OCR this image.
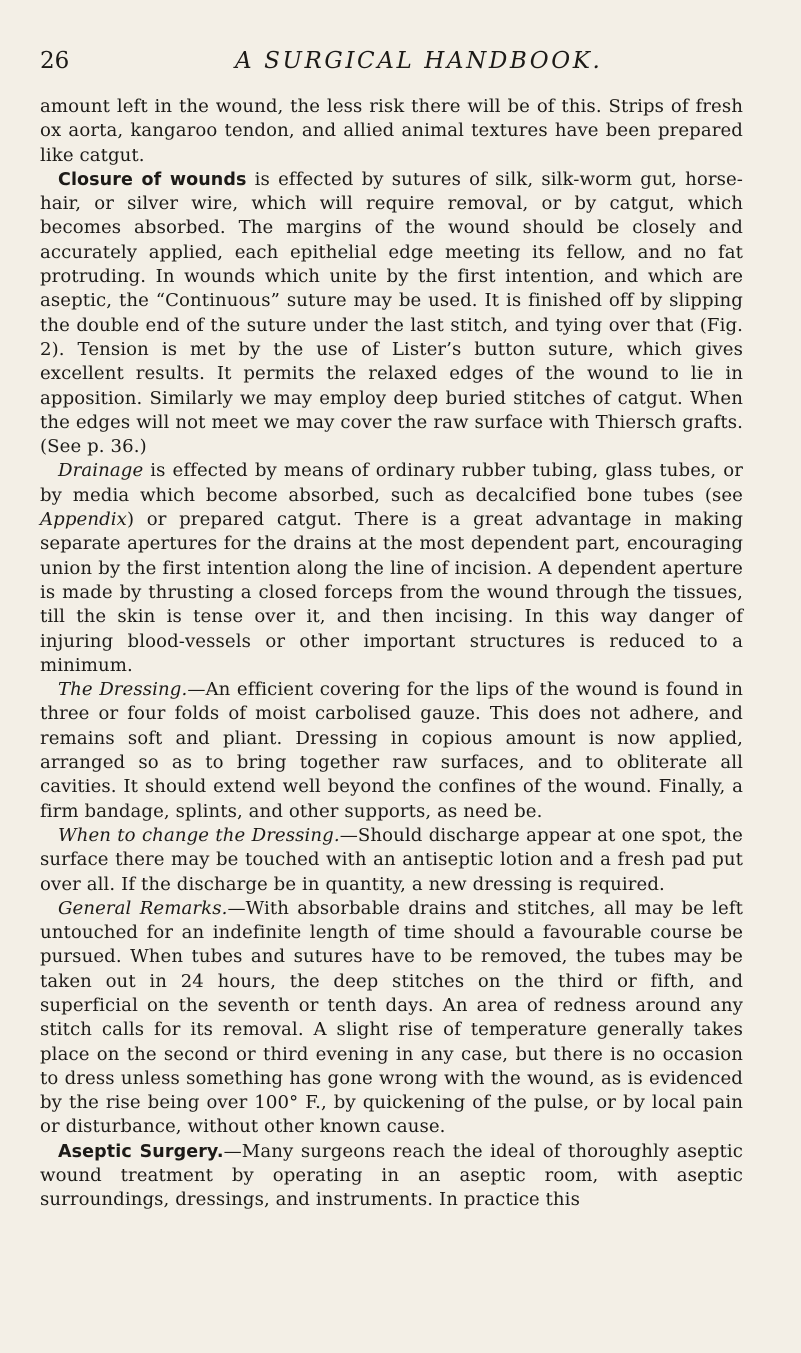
26	A SURGICAL HANDBOOK.

amount left in the wound, the less risk there will be of this. Strips of fresh ox aorta, kangaroo tendon, and allied animal textures have been prepared like catgut.

Closure of wounds is effected by sutures of silk, silk-worm gut, horse-hair, or silver wire, which will require removal, or by catgut, which becomes absorbed. The margins of the wound should be closely and accurately applied, each epithelial edge meeting its fellow, and no fat protruding. In wounds which unite by the first intention, and which are aseptic, the “Continuous” suture may be used. It is finished off by slipping the double end of the suture under the last stitch, and tying over that (Fig. 2). Tension is met by the use of Lister’s button suture, which gives excellent results. It permits the relaxed edges of the wound to lie in apposition. Similarly we may employ deep buried stitches of catgut. When the edges will not meet we may cover the raw surface with Thiersch grafts. (See p. 36.)

Drainage is effected by means of ordinary rubber tubing, glass tubes, or by media which become absorbed, such as decalcified bone tubes (see Appendix) or prepared catgut. There is a great advantage in making separate apertures for the drains at the most dependent part, encouraging union by the first intention along the line of incision. A dependent aperture is made by thrusting a closed forceps from the wound through the tissues, till the skin is tense over it, and then incising. In this way danger of injuring blood-vessels or other important structures is reduced to a minimum.

The Dressing.—An efficient covering for the lips of the wound is found in three or four folds of moist carbolised gauze. This does not adhere, and remains soft and pliant. Dressing in copious amount is now applied, arranged so as to bring together raw surfaces, and to obliterate all cavities. It should extend well beyond the confines of the wound. Finally, a firm bandage, splints, and other supports, as need be.

When to change the Dressing.—Should discharge appear at one spot, the surface there may be touched with an antiseptic lotion and a fresh pad put over all. If the discharge be in quantity, a new dressing is required.

General Remarks.—With absorbable drains and stitches, all may be left untouched for an indefinite length of time should a favourable course be pursued. When tubes and sutures have to be removed, the tubes may be taken out in 24 hours, the deep stitches on the third or fifth, and superficial on the seventh or tenth days. An area of redness around any stitch calls for its removal. A slight rise of temperature generally takes place on the second or third evening in any case, but there is no occasion to dress unless something has gone wrong with the wound, as is evidenced by the rise being over 100° F., by quickening of the pulse, or by local pain or disturbance, without other known cause.

Aseptic Surgery.—Many surgeons reach the ideal of thoroughly aseptic wound treatment by operating in an aseptic room, with aseptic surroundings, dressings, and instruments. In practice this
